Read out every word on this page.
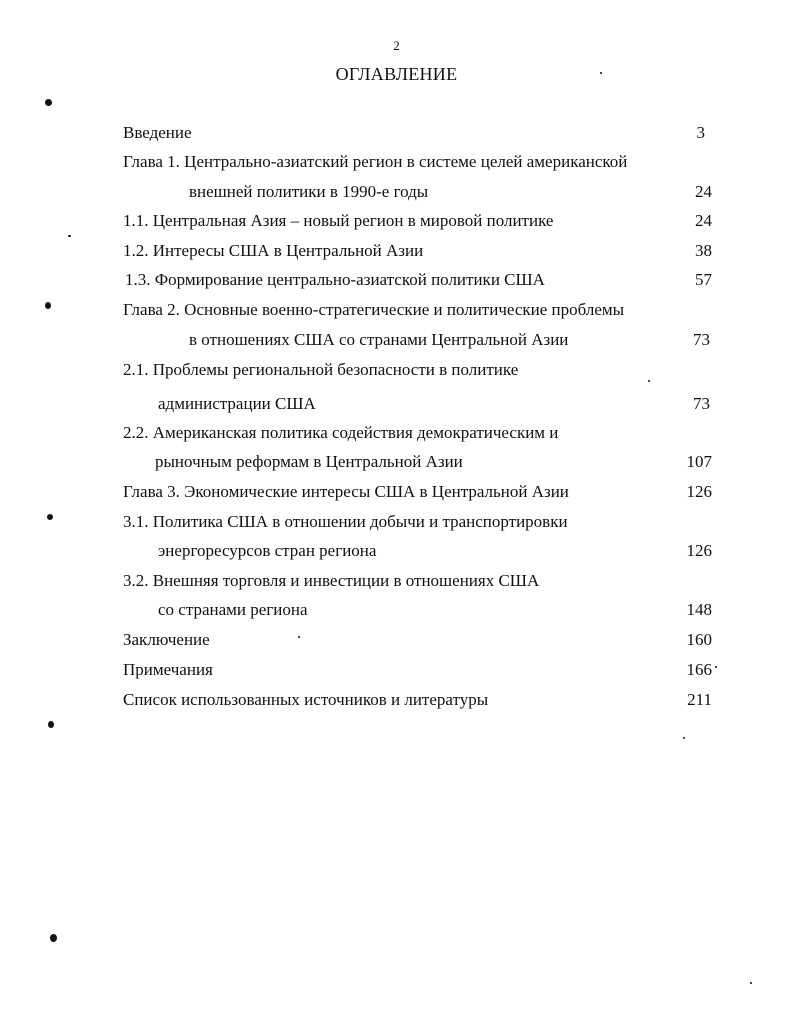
2
ОГЛАВЛЕНИЕ
Введение	3
Глава 1. Центрально-азиатский регион в системе целей американской
внешней политики в 1990-е годы	24
1.1. Центральная Азия – новый регион в мировой политике	24
1.2. Интересы США в Центральной Азии	38
1.3. Формирование центрально-азиатской политики США	57
Глава 2. Основные военно-стратегические и политические проблемы
в отношениях США со странами Центральной Азии	73
2.1. Проблемы региональной безопасности в политике
администрации США	73
2.2. Американская политика содействия демократическим и
рыночным реформам в Центральной Азии	107
Глава 3. Экономические интересы США в Центральной Азии	126
3.1. Политика США в отношении добычи и транспортировки
энергоресурсов стран региона	126
3.2. Внешняя торговля и инвестиции в отношениях США
со странами региона	148
Заключение	160
Примечания	166
Список использованных источников и литературы	211
